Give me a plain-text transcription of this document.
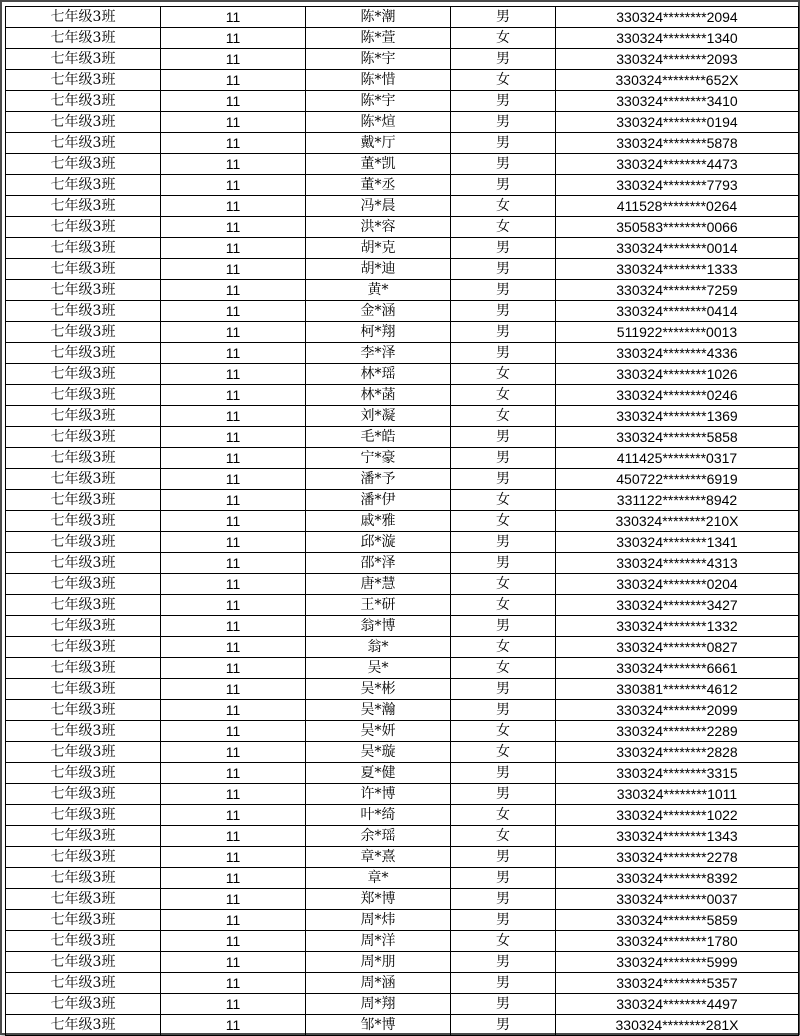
七年级3班	11	陈*潮	男	330324********2094
七年级3班	11	陈*萱	女	330324********1340
七年级3班	11	陈*宇	男	330324********2093
七年级3班	11	陈*惜	女	330324********652X
七年级3班	11	陈*宇	男	330324********3410
七年级3班	11	陈*煊	男	330324********0194
七年级3班	11	戴*厅	男	330324********5878
七年级3班	11	董*凯	男	330324********4473
七年级3班	11	董*丞	男	330324********7793
七年级3班	11	冯*晨	女	411528********0264
七年级3班	11	洪*容	女	350583********0066
七年级3班	11	胡*克	男	330324********0014
七年级3班	11	胡*迪	男	330324********1333
七年级3班	11	黄*	男	330324********7259
七年级3班	11	金*涵	男	330324********0414
七年级3班	11	柯*翔	男	511922********0013
七年级3班	11	李*泽	男	330324********4336
七年级3班	11	林*瑶	女	330324********1026
七年级3班	11	林*菡	女	330324********0246
七年级3班	11	刘*凝	女	330324********1369
七年级3班	11	毛*皓	男	330324********5858
七年级3班	11	宁*豪	男	411425********0317
七年级3班	11	潘*予	男	450722********6919
七年级3班	11	潘*伊	女	331122********8942
七年级3班	11	戚*雅	女	330324********210X
七年级3班	11	邱*漩	男	330324********1341
七年级3班	11	邵*泽	男	330324********4313
七年级3班	11	唐*慧	女	330324********0204
七年级3班	11	王*研	女	330324********3427
七年级3班	11	翁*博	男	330324********1332
七年级3班	11	翁*	女	330324********0827
七年级3班	11	吴*	女	330324********6661
七年级3班	11	吴*彬	男	330381********4612
七年级3班	11	吴*瀚	男	330324********2099
七年级3班	11	吴*妍	女	330324********2289
七年级3班	11	吴*璇	女	330324********2828
七年级3班	11	夏*健	男	330324********3315
七年级3班	11	许*博	男	330324********1011
七年级3班	11	叶*绮	女	330324********1022
七年级3班	11	余*瑶	女	330324********1343
七年级3班	11	章*熹	男	330324********2278
七年级3班	11	章*	男	330324********8392
七年级3班	11	郑*博	男	330324********0037
七年级3班	11	周*炜	男	330324********5859
七年级3班	11	周*洋	女	330324********1780
七年级3班	11	周*朋	男	330324********5999
七年级3班	11	周*涵	男	330324********5357
七年级3班	11	周*翔	男	330324********4497
七年级3班	11	邹*博	男	330324********281X
